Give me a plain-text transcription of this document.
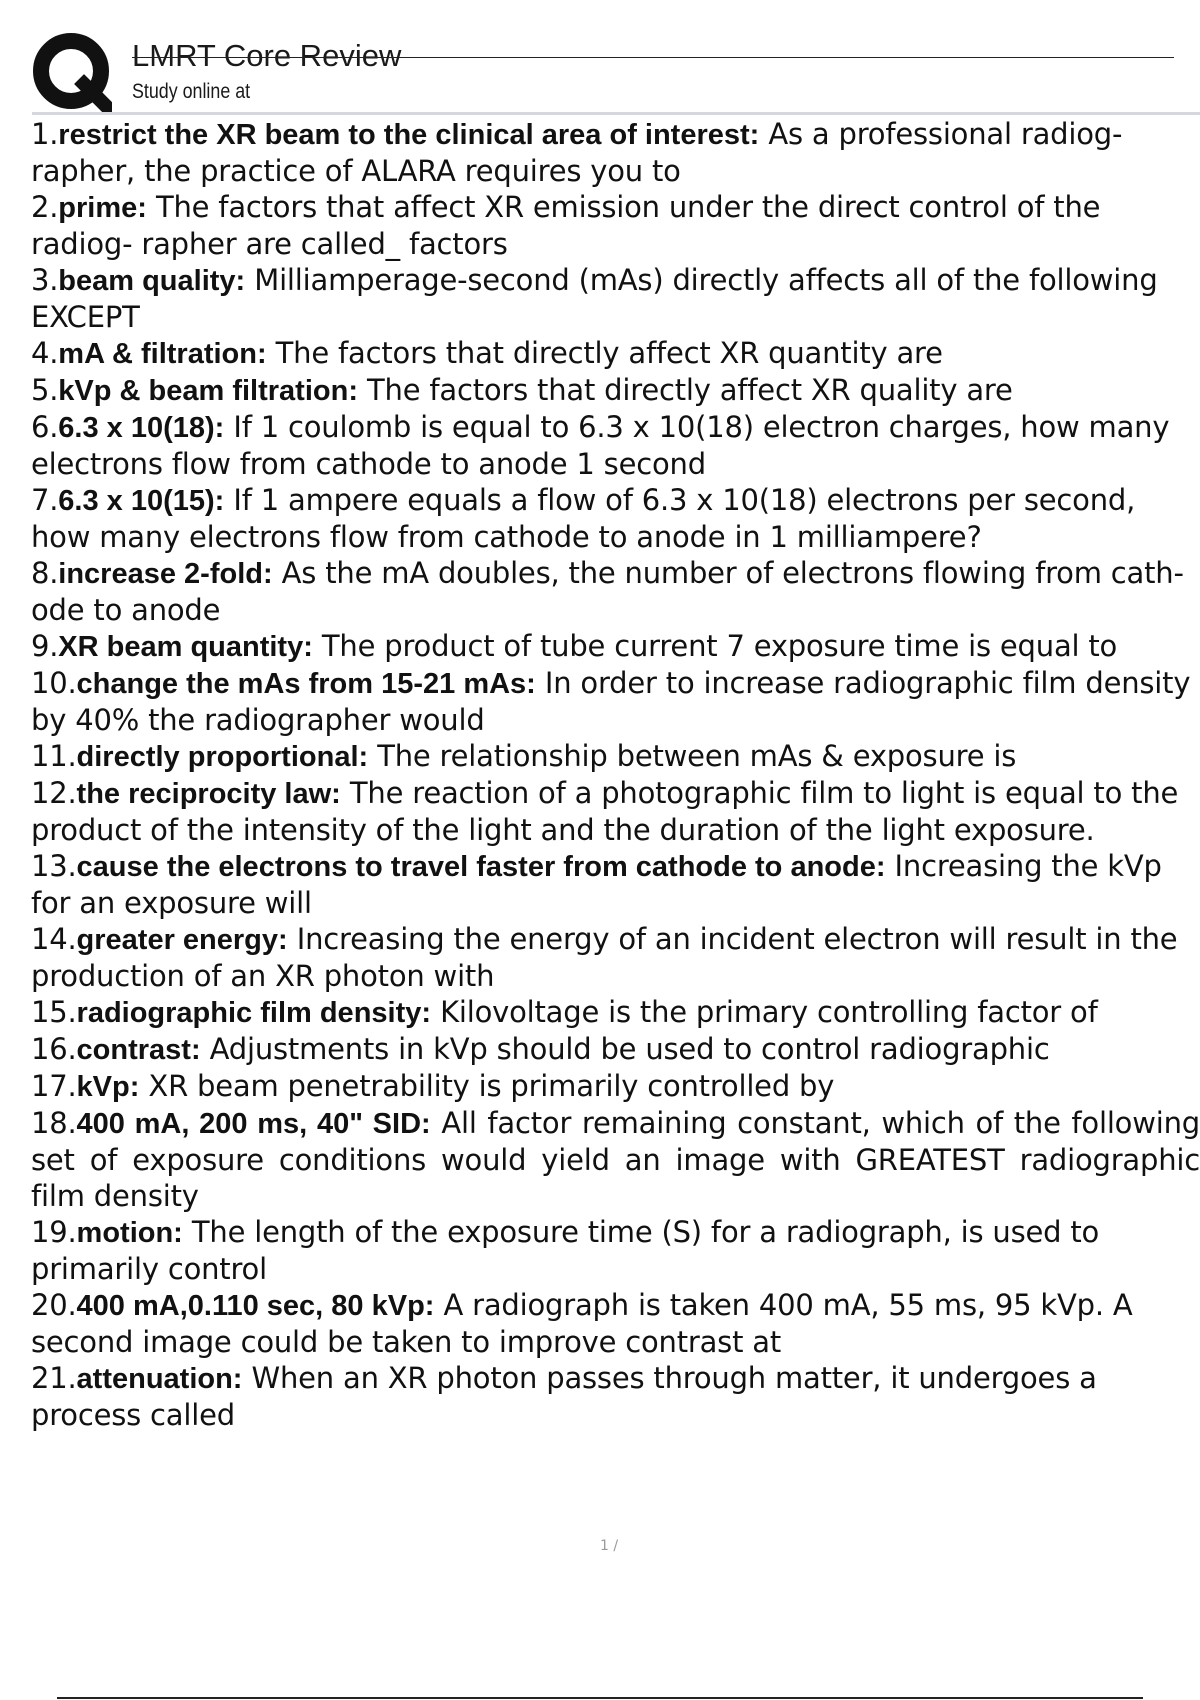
LMRT Core Review
Study online at
1.restrict the XR beam to the clinical area of interest: As a professional radiog- rapher, the practice of ALARA requires you to
2.prime: The factors that affect XR emission under the direct control of the radiog- rapher are called_ factors
3.beam quality: Milliamperage-second (mAs) directly affects all of the following EXCEPT
4.mA & filtration: The factors that directly affect XR quantity are
5.kVp & beam filtration: The factors that directly affect XR quality are
6.6.3 x 10(18): If 1 coulomb is equal to 6.3 x 10(18) electron charges, how many electrons flow from cathode to anode 1 second
7.6.3 x 10(15): If 1 ampere equals a flow of 6.3 x 10(18) electrons per second, how many electrons flow from cathode to anode in 1 milliampere?
8.increase 2-fold: As the mA doubles, the number of electrons flowing from cath- ode to anode
9.XR beam quantity: The product of tube current 7 exposure time is equal to
10.change the mAs from 15-21 mAs: In order to increase radiographic film density by 40% the radiographer would
11.directly proportional: The relationship between mAs & exposure is
12.the reciprocity law: The reaction of a photographic film to light is equal to the product of the intensity of the light and the duration of the light exposure.
13.cause the electrons to travel faster from cathode to anode: Increasing the kVp for an exposure will
14.greater energy: Increasing the energy of an incident electron will result in the production of an XR photon with
15.radiographic film density: Kilovoltage is the primary controlling factor of
16.contrast: Adjustments in kVp should be used to control radiographic
17.kVp: XR beam penetrability is primarily controlled by
18.400 mA, 200 ms, 40" SID: All factor remaining constant, which of the following set of exposure conditions would yield an image with GREATEST radiographic film density
19.motion: The length of the exposure time (S) for a radiograph, is used to primarily control
20.400 mA,0.110 sec, 80 kVp: A radiograph is taken 400 mA, 55 ms, 95 kVp. A second image could be taken to improve contrast at
21.attenuation: When an XR photon passes through matter, it undergoes a process called
1 /
